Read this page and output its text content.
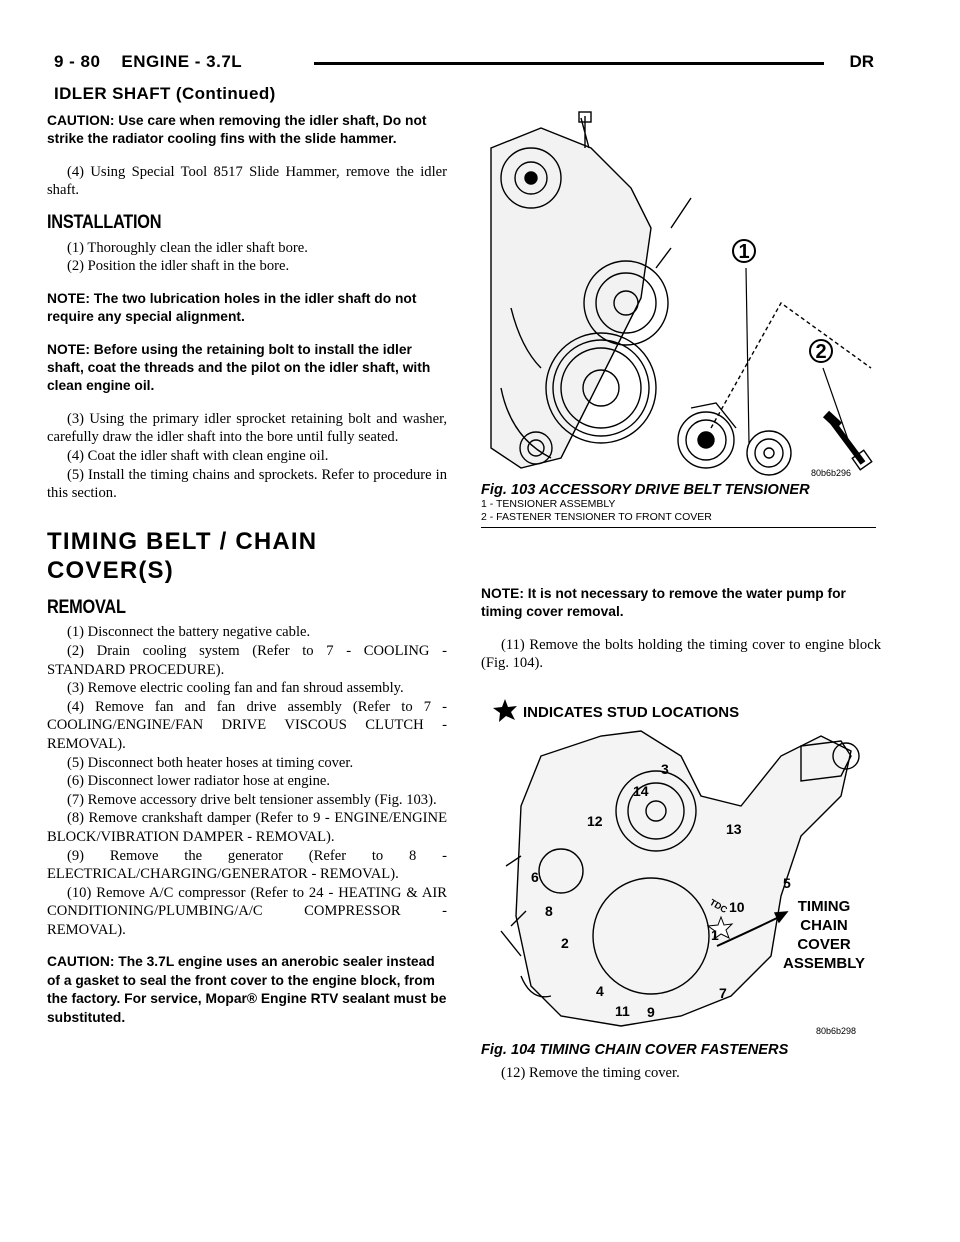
9 - 80 ENGINE - 3.7L	DR
IDLER SHAFT (Continued)

CAUTION: Use care when removing the idler shaft, Do not strike the radiator cooling fins with the slide hammer.

(4) Using Special Tool 8517 Slide Hammer, remove the idler shaft.

INSTALLATION

(1) Thoroughly clean the idler shaft bore.

(2) Position the idler shaft in the bore.

NOTE: The two lubrication holes in the idler shaft do not require any special alignment.

NOTE: Before using the retaining bolt to install the idler shaft, coat the threads and the pilot on the idler shaft, with clean engine oil.

(3) Using the primary idler sprocket retaining bolt and washer, carefully draw the idler shaft into the bore until fully seated.

(4) Coat the idler shaft with clean engine oil.

(5) Install the timing chains and sprockets. Refer to procedure in this section.

TIMING BELT / CHAIN COVER(S)
REMOVAL

(1) Disconnect the battery negative cable.

(2) Drain cooling system (Refer to 7 - COOLING - STANDARD PROCEDURE).

(3) Remove electric cooling fan and fan shroud assembly.

(4) Remove fan and fan drive assembly (Refer to 7 - COOLING/ENGINE/FAN DRIVE VISCOUS CLUTCH - REMOVAL).

(5) Disconnect both heater hoses at timing cover.

(6) Disconnect lower radiator hose at engine.

(7) Remove accessory drive belt tensioner assembly (Fig. 103).

(8) Remove crankshaft damper (Refer to 9 - ENGINE/ENGINE BLOCK/VIBRATION DAMPER - REMOVAL).

(9) Remove the generator (Refer to 8 - ELECTRICAL/CHARGING/GENERATOR - REMOVAL).

(10) Remove A/C compressor (Refer to 24 - HEATING & AIR CONDITIONING/PLUMBING/A/C COMPRESSOR - REMOVAL).

CAUTION: The 3.7L engine uses an anerobic sealer instead of a gasket to seal the front cover to the engine block, from the factory. For service, Mopar® Engine RTV sealant must be substituted.

1
2
80b6b296
Fig. 103 ACCESSORY DRIVE BELT TENSIONER
1 - TENSIONER ASSEMBLY
2 - FASTENER TENSIONER TO FRONT COVER

NOTE: It is not necessary to remove the water pump for timing cover removal.

(11) Remove the bolts holding the timing cover to engine block (Fig. 104).

INDICATES STUD LOCATIONS
1
2
3
4
5
6
7
8
9
10
11
12	13
14
TDC	TIMING
CHAIN
COVER
ASSEMBLY
80b6b298
Fig. 104 TIMING CHAIN COVER FASTENERS

(12) Remove the timing cover.
